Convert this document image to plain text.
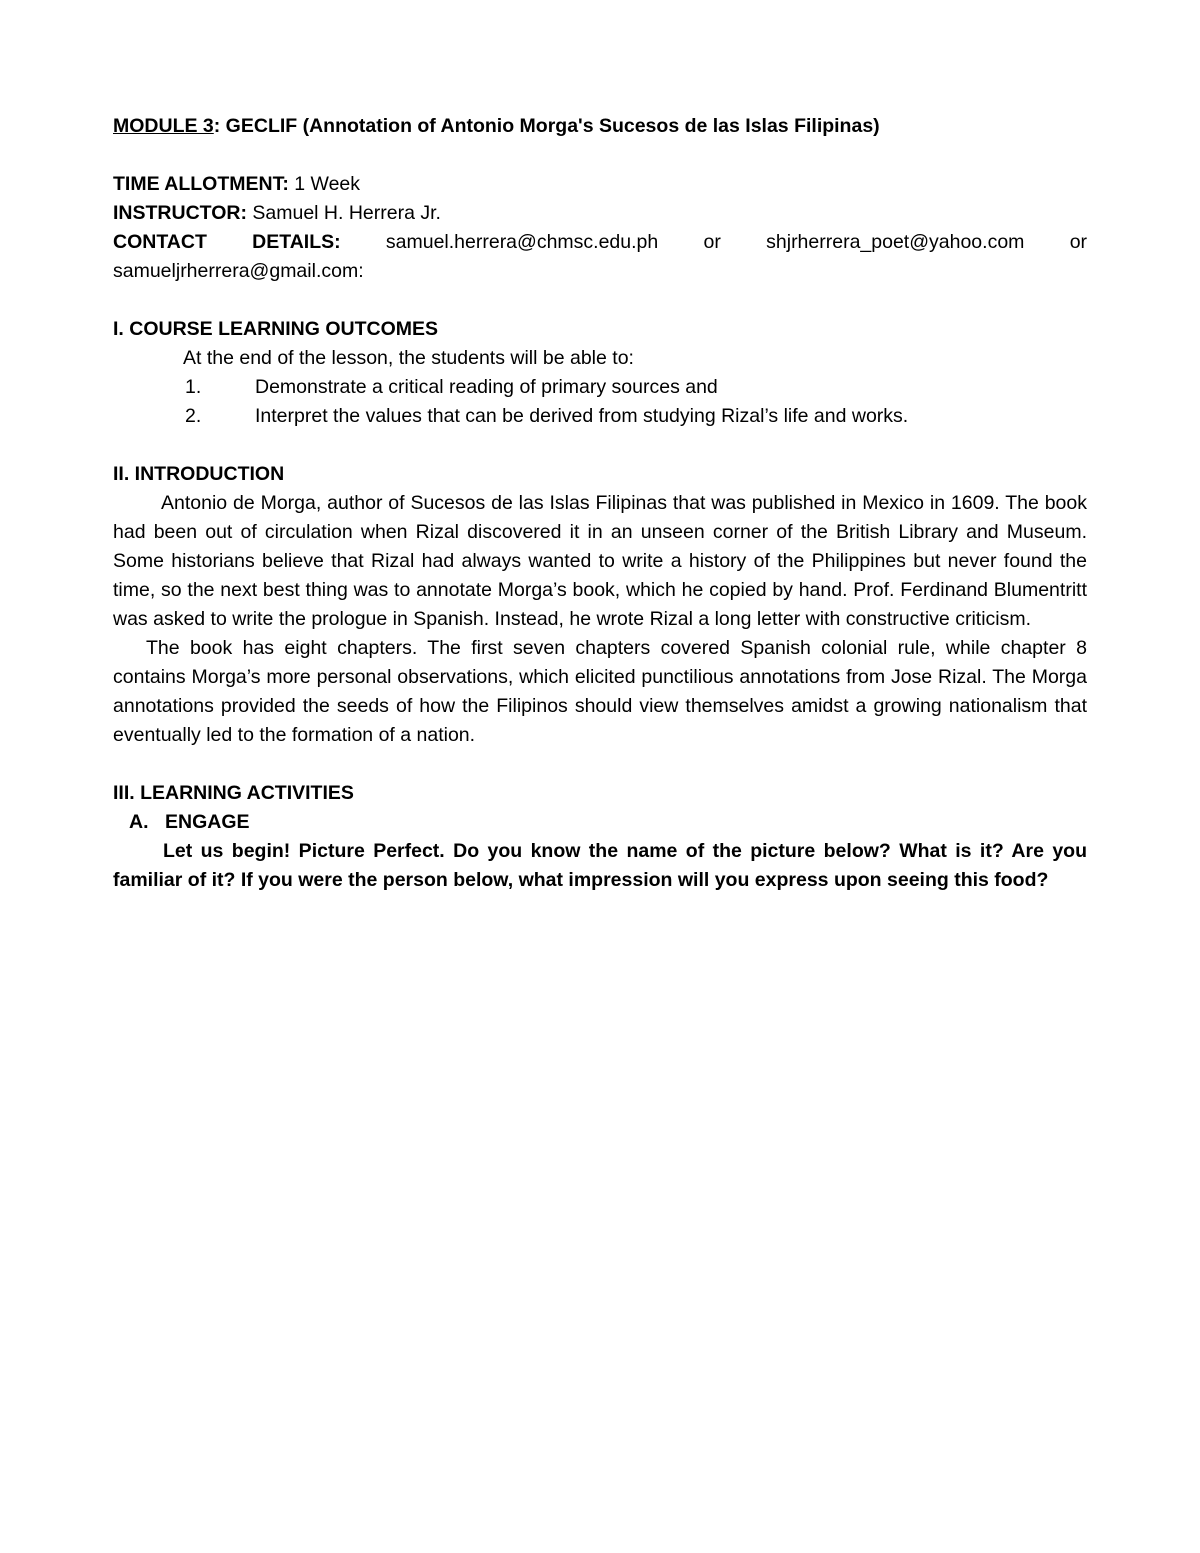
MODULE 3: GECLIF (Annotation of Antonio Morga's Sucesos de las Islas Filipinas)

TIME ALLOTMENT: 1 Week

INSTRUCTOR: Samuel H. Herrera Jr.

CONTACT DETAILS: samuel.herrera@chmsc.edu.ph or shjrherrera_poet@yahoo.com or

samueljrherrera@gmail.com:

I. COURSE LEARNING OUTCOMES

At the end of the lesson, the students will be able to:

1.	Demonstrate a critical reading of primary sources and

2.	Interpret the values that can be derived from studying Rizal’s life and works.

II. INTRODUCTION

Antonio de Morga, author of Sucesos de las Islas Filipinas that was published in Mexico in 1609. The book had been out of circulation when Rizal discovered it in an unseen corner of the British Library and Museum. Some historians believe that Rizal had always wanted to write a history of the Philippines but never found the time, so the next best thing was to annotate Morga’s book, which he copied by hand. Prof. Ferdinand Blumentritt was asked to write the prologue in Spanish. Instead, he wrote Rizal a long letter with constructive criticism.

The book has eight chapters. The first seven chapters covered Spanish colonial rule, while chapter 8 contains Morga’s more personal observations, which elicited punctilious annotations from Jose Rizal. The Morga annotations provided the seeds of how the Filipinos should view themselves amidst a growing nationalism that eventually led to the formation of a nation.

III. LEARNING ACTIVITIES

A. ENGAGE

Let us begin! Picture Perfect. Do you know the name of the picture below? What is it? Are you familiar of it? If you were the person below, what impression will you express upon seeing this food?
